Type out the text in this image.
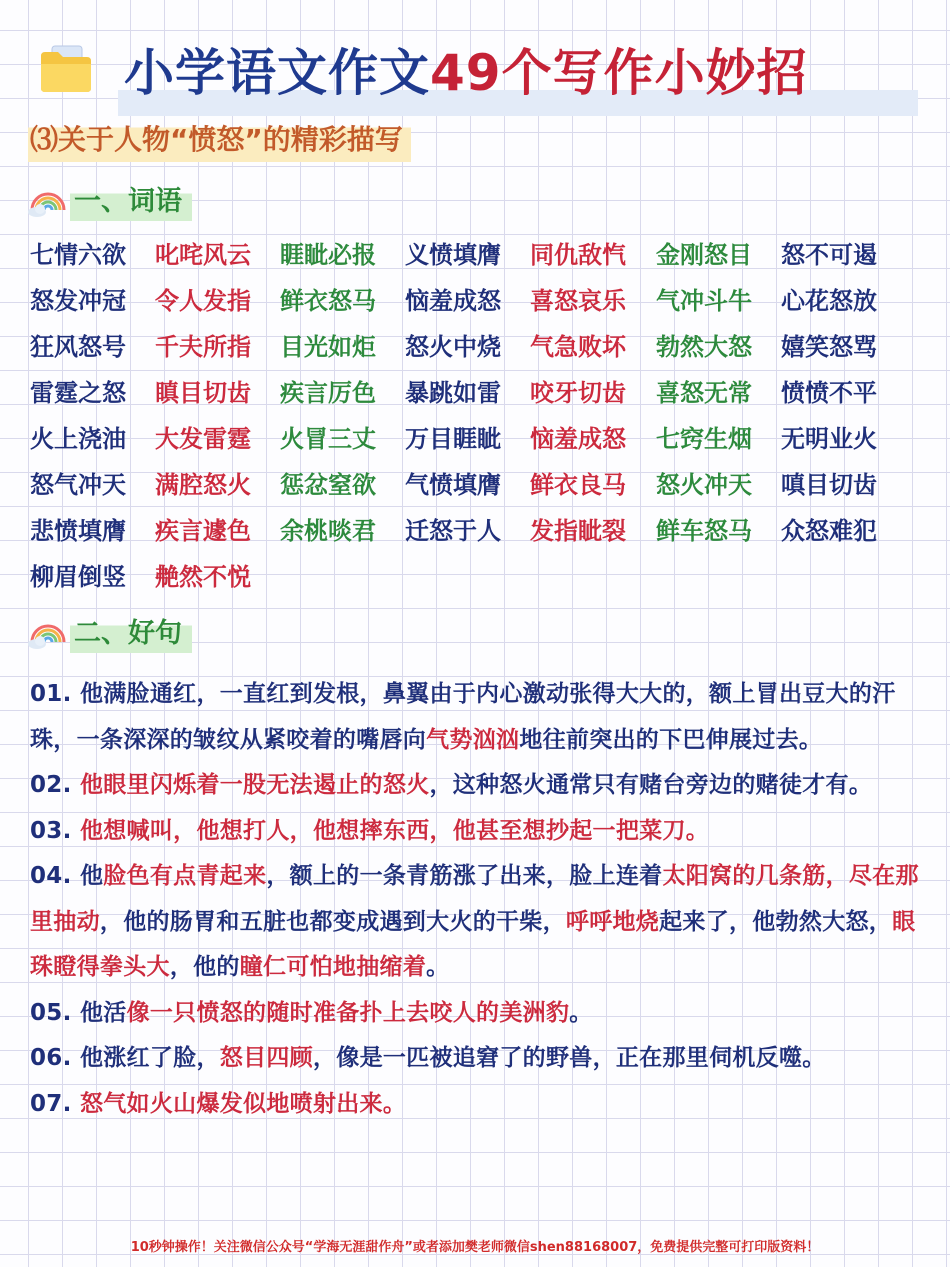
小学语文作文49个写作小妙招
⑶关于人物“愤怒”的精彩描写
一、词语
七情六欲 叱咤风云 睚眦必报 义愤填膺 同仇敌忾 金刚怒目 怒不可遏
怒发冲冠 令人发指 鲜衣怒马 恼羞成怒 喜怒哀乐 气冲斗牛 心花怒放
狂风怒号 千夫所指 目光如炬 怒火中烧 气急败坏 勃然大怒 嬉笑怒骂
雷霆之怒 瞋目切齿 疾言厉色 暴跳如雷 咬牙切齿 喜怒无常 愤愤不平
火上浇油 大发雷霆 火冒三丈 万目睚眦 恼羞成怒 七窍生烟 无明业火
怒气冲天 满腔怒火 惩忿窒欲 气愤填膺 鲜衣良马 怒火冲天 嗔目切齿
悲愤填膺 疾言遽色 余桃啖君 迁怒于人 发指眦裂 鲜车怒马 众怒难犯
柳眉倒竖 艴然不悦
二、好句
01. 他满脸通红，一直红到发根，鼻翼由于内心激动张得大大的，额上冒出豆大的汗珠，一条深深的皱纹从紧咬着的嘴唇向气势汹汹地往前突出的下巴伸展过去。
02. 他眼里闪烁着一股无法遏止的怒火，这种怒火通常只有赌台旁边的赌徒才有。
03. 他想喊叫，他想打人，他想摔东西，他甚至想抄起一把菜刀。
04. 他脸色有点青起来，额上的一条青筋涨了出来，脸上连着太阳窝的几条筋，尽在那里抽动，他的肠胃和五脏也都变成遇到大火的干柴，呼呼地烧起来了，他勃然大怒，眼珠瞪得拳头大，他的瞳仁可怕地抽缩着。
05. 他活像一只愤怒的随时准备扑上去咬人的美洲豹。
06. 他涨红了脸，怒目四顾，像是一匹被追窘了的野兽，正在那里伺机反噬。
07. 怒气如火山爆发似地喷射出来。
10秒钟操作！关注微信公众号“学海无涯甜作舟”或者添加樊老师微信shen88168007，免费提供完整可打印版资料！
